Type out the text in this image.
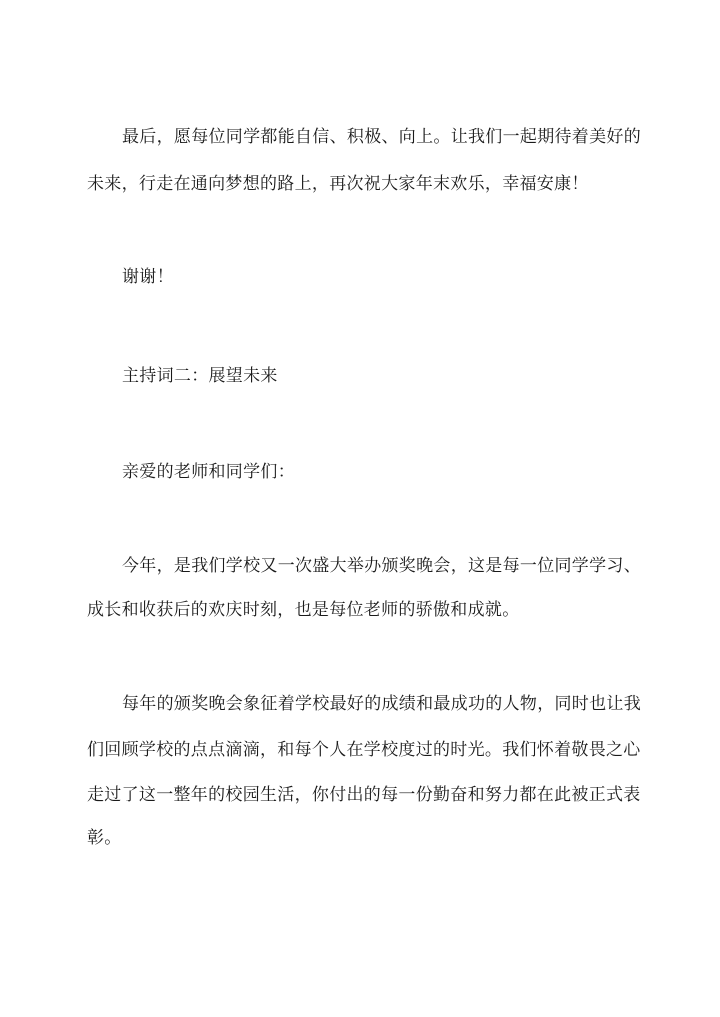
最后，愿每位同学都能自信、积极、向上。让我们一起期待着美好的

未来，行走在通向梦想的路上，再次祝大家年末欢乐，幸福安康！

谢谢！

主持词二：展望未来

亲爱的老师和同学们：

今年，是我们学校又一次盛大举办颁奖晚会，这是每一位同学学习、

成长和收获后的欢庆时刻，也是每位老师的骄傲和成就。

每年的颁奖晚会象征着学校最好的成绩和最成功的人物，同时也让我

们回顾学校的点点滴滴，和每个人在学校度过的时光。我们怀着敬畏之心

走过了这一整年的校园生活，你付出的每一份勤奋和努力都在此被正式表

彰。
